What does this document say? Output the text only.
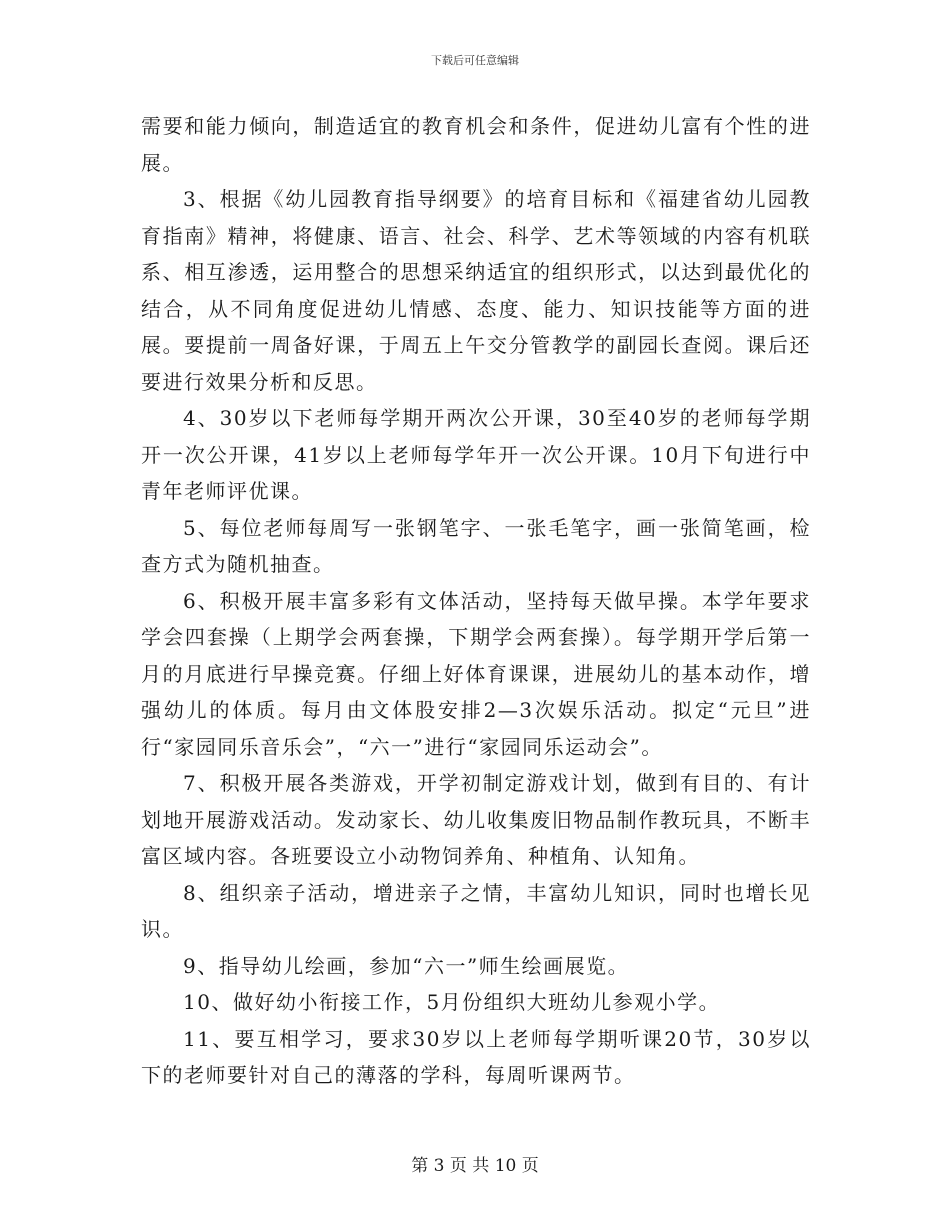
下载后可任意编辑

需要和能力倾向，制造适宜的教育机会和条件，促进幼儿富有个性的进展。

3、根据《幼儿园教育指导纲要》的培育目标和《福建省幼儿园教育指南》精神，将健康、语言、社会、科学、艺术等领域的内容有机联系、相互渗透，运用整合的思想采纳适宜的组织形式，以达到最优化的结合，从不同角度促进幼儿情感、态度、能力、知识技能等方面的进展。要提前一周备好课，于周五上午交分管教学的副园长查阅。课后还要进行效果分析和反思。

4、30岁以下老师每学期开两次公开课，30至40岁的老师每学期开一次公开课，41岁以上老师每学年开一次公开课。10月下旬进行中青年老师评优课。

5、每位老师每周写一张钢笔字、一张毛笔字，画一张简笔画，检查方式为随机抽查。

6、积极开展丰富多彩有文体活动，坚持每天做早操。本学年要求学会四套操（上期学会两套操，下期学会两套操）。每学期开学后第一月的月底进行早操竞赛。仔细上好体育课课，进展幼儿的基本动作，增强幼儿的体质。每月由文体股安排2—3次娱乐活动。拟定“元旦”进行“家园同乐音乐会”，“六一”进行“家园同乐运动会”。

7、积极开展各类游戏，开学初制定游戏计划，做到有目的、有计划地开展游戏活动。发动家长、幼儿收集废旧物品制作教玩具，不断丰富区域内容。各班要设立小动物饲养角、种植角、认知角。

8、组织亲子活动，增进亲子之情，丰富幼儿知识，同时也增长见识。

9、指导幼儿绘画，参加“六一”师生绘画展览。

10、做好幼小衔接工作，5月份组织大班幼儿参观小学。

11、要互相学习，要求30岁以上老师每学期听课20节，30岁以下的老师要针对自己的薄落的学科，每周听课两节。

第 3 页 共 10 页
